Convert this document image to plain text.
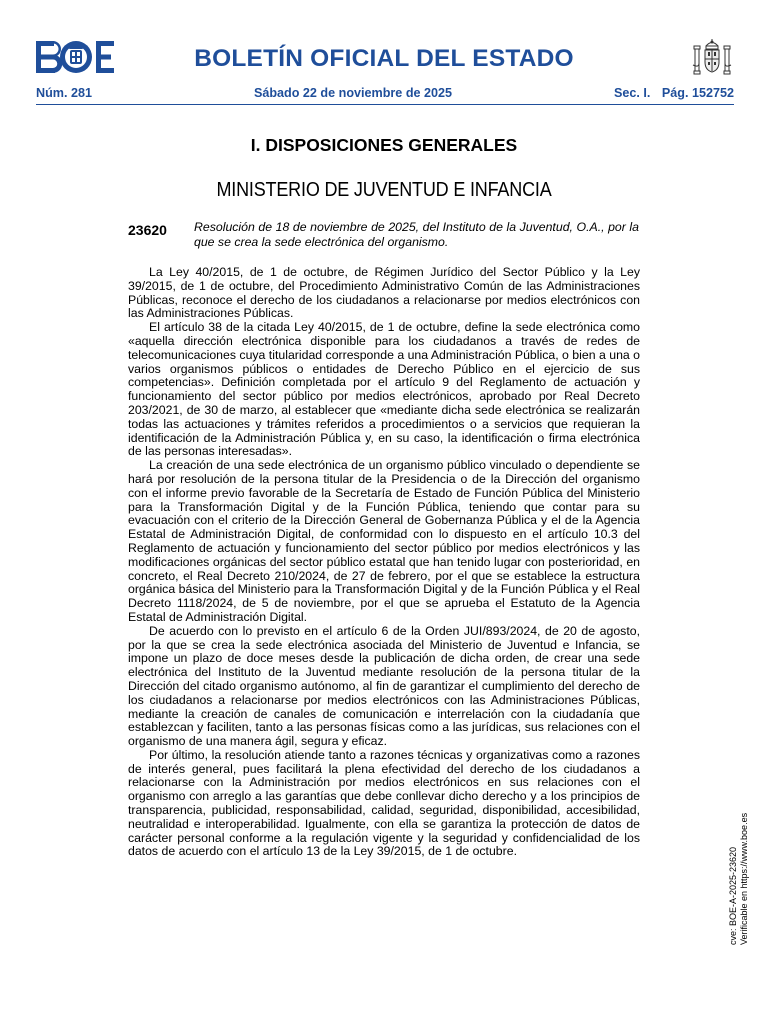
BOLETÍN OFICIAL DEL ESTADO
Núm. 281	Sábado 22 de noviembre de 2025	Sec. I. Pág. 152752
I. DISPOSICIONES GENERALES
MINISTERIO DE JUVENTUD E INFANCIA
23620 Resolución de 18 de noviembre de 2025, del Instituto de la Juventud, O.A., por la que se crea la sede electrónica del organismo.

La Ley 40/2015, de 1 de octubre, de Régimen Jurídico del Sector Público y la Ley 39/2015, de 1 de octubre, del Procedimiento Administrativo Común de las Administraciones Públicas, reconoce el derecho de los ciudadanos a relacionarse por medios electrónicos con las Administraciones Públicas.

El artículo 38 de la citada Ley 40/2015, de 1 de octubre, define la sede electrónica como «aquella dirección electrónica disponible para los ciudadanos a través de redes de telecomunicaciones cuya titularidad corresponde a una Administración Pública, o bien a una o varios organismos públicos o entidades de Derecho Público en el ejercicio de sus competencias». Definición completada por el artículo 9 del Reglamento de actuación y funcionamiento del sector público por medios electrónicos, aprobado por Real Decreto 203/2021, de 30 de marzo, al establecer que «mediante dicha sede electrónica se realizarán todas las actuaciones y trámites referidos a procedimientos o a servicios que requieran la identificación de la Administración Pública y, en su caso, la identificación o firma electrónica de las personas interesadas».

La creación de una sede electrónica de un organismo público vinculado o dependiente se hará por resolución de la persona titular de la Presidencia o de la Dirección del organismo con el informe previo favorable de la Secretaría de Estado de Función Pública del Ministerio para la Transformación Digital y de la Función Pública, teniendo que contar para su evacuación con el criterio de la Dirección General de Gobernanza Pública y el de la Agencia Estatal de Administración Digital, de conformidad con lo dispuesto en el artículo 10.3 del Reglamento de actuación y funcionamiento del sector público por medios electrónicos y las modificaciones orgánicas del sector público estatal que han tenido lugar con posterioridad, en concreto, el Real Decreto 210/2024, de 27 de febrero, por el que se establece la estructura orgánica básica del Ministerio para la Transformación Digital y de la Función Pública y el Real Decreto 1118/2024, de 5 de noviembre, por el que se aprueba el Estatuto de la Agencia Estatal de Administración Digital.

De acuerdo con lo previsto en el artículo 6 de la Orden JUI/893/2024, de 20 de agosto, por la que se crea la sede electrónica asociada del Ministerio de Juventud e Infancia, se impone un plazo de doce meses desde la publicación de dicha orden, de crear una sede electrónica del Instituto de la Juventud mediante resolución de la persona titular de la Dirección del citado organismo autónomo, al fin de garantizar el cumplimiento del derecho de los ciudadanos a relacionarse por medios electrónicos con las Administraciones Públicas, mediante la creación de canales de comunicación e interrelación con la ciudadanía que establezcan y faciliten, tanto a las personas físicas como a las jurídicas, sus relaciones con el organismo de una manera ágil, segura y eficaz.

Por último, la resolución atiende tanto a razones técnicas y organizativas como a razones de interés general, pues facilitará la plena efectividad del derecho de los ciudadanos a relacionarse con la Administración por medios electrónicos en sus relaciones con el organismo con arreglo a las garantías que debe conllevar dicho derecho y a los principios de transparencia, publicidad, responsabilidad, calidad, seguridad, disponibilidad, accesibilidad, neutralidad e interoperabilidad. Igualmente, con ella se garantiza la protección de datos de carácter personal conforme a la regulación vigente y la seguridad y confidencialidad de los datos de acuerdo con el artículo 13 de la Ley 39/2015, de 1 de octubre.	cve: BOE-A-2025-23620 Verificable en https://www.boe.es
